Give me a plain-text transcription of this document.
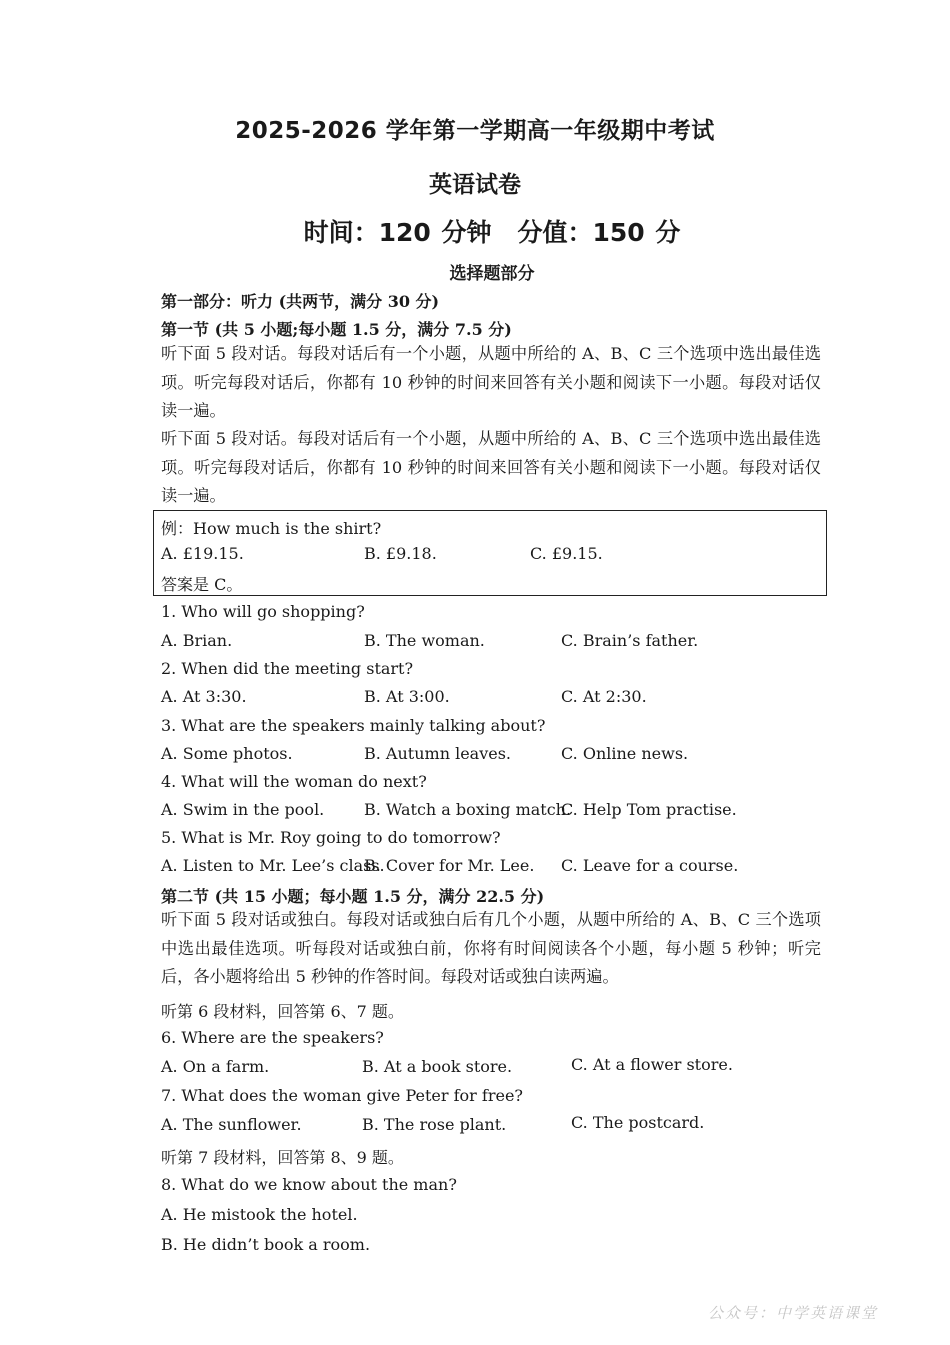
2025-2026 学年第一学期高一年级期中考试
英语试卷
时间：120 分钟 分值：150 分
选择题部分
第一部分：听力 (共两节，满分 30 分)
第一节 (共 5 小题;每小题 1.5 分，满分 7.5 分)
听下面 5 段对话。每段对话后有一个小题，从题中所给的 A、B、C 三个选项中选出最佳选项。听完每段对话后，你都有 10 秒钟的时间来回答有关小题和阅读下一小题。每段对话仅读一遍。
听下面 5 段对话。每段对话后有一个小题，从题中所给的 A、B、C 三个选项中选出最佳选项。听完每段对话后，你都有 10 秒钟的时间来回答有关小题和阅读下一小题。每段对话仅读一遍。
例：How much is the shirt?
A. £19.15.	B. £9.18.	C. £9.15.
答案是 C。
1. Who will go shopping?
A. Brian.	B. The woman.	C. Brain’s father.
2. When did the meeting start?
A. At 3:30.	B. At 3:00.	C. At 2:30.
3. What are the speakers mainly talking about?
A. Some photos.	B. Autumn leaves.	C. Online news.
4. What will the woman do next?
A. Swim in the pool. B. Watch a boxing match.
C. Help Tom practise.
5. What is Mr. Roy going to do tomorrow?
A. Listen to Mr. Lee’s class.
B. Cover for Mr. Lee. C. Leave for a course.
第二节 (共 15 小题；每小题 1.5 分，满分 22.5 分)
听下面 5 段对话或独白。每段对话或独白后有几个小题，从题中所给的 A、B、C 三个选项中选出最佳选项。听每段对话或独白前，你将有时间阅读各个小题，每小题 5 秒钟；听完后，各小题将给出 5 秒钟的作答时间。每段对话或独白读两遍。
听第 6 段材料，回答第 6、7 题。
6. Where are the speakers?
A. On a farm.	B. At a book store.	C. At a flower store.
7. What does the woman give Peter for free?
A. The sunflower.	B. The rose plant.	C. The postcard.
听第 7 段材料，回答第 8、9 题。
8. What do we know about the man?
A. He mistook the hotel.
B. He didn’t book a room.
公众号：中学英语课堂
